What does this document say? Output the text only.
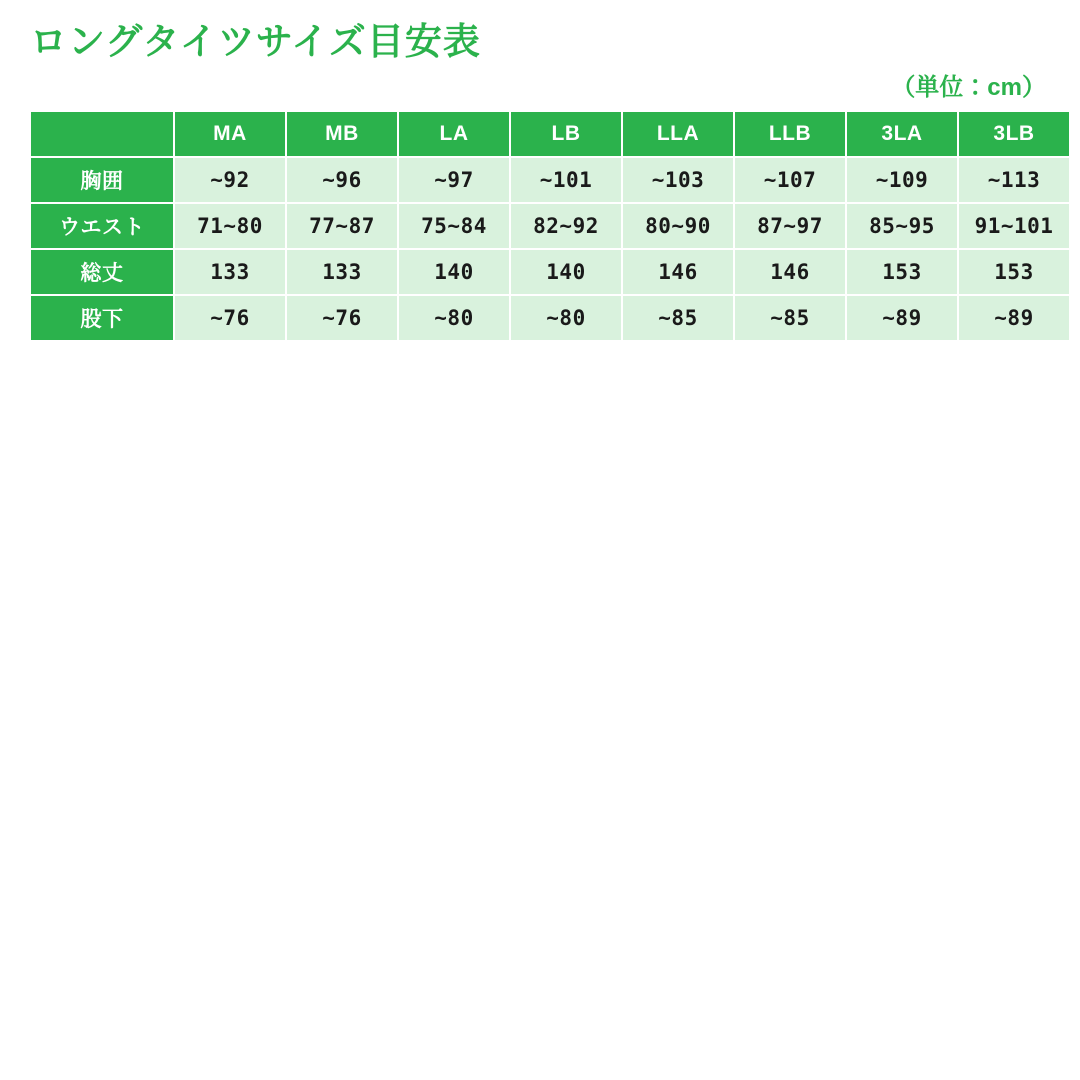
ロングタイツサイズ目安表
（単位：cm）
	MA	MB	LA	LB	LLA	LLB	3LA	3LB
胸囲	~92	~96	~97	~101	~103	~107	~109	~113
ウエスト	71~80	77~87	75~84	82~92	80~90	87~97	85~95	91~101
総丈	133	133	140	140	146	146	153	153
股下	~76	~76	~80	~80	~85	~85	~89	~89
